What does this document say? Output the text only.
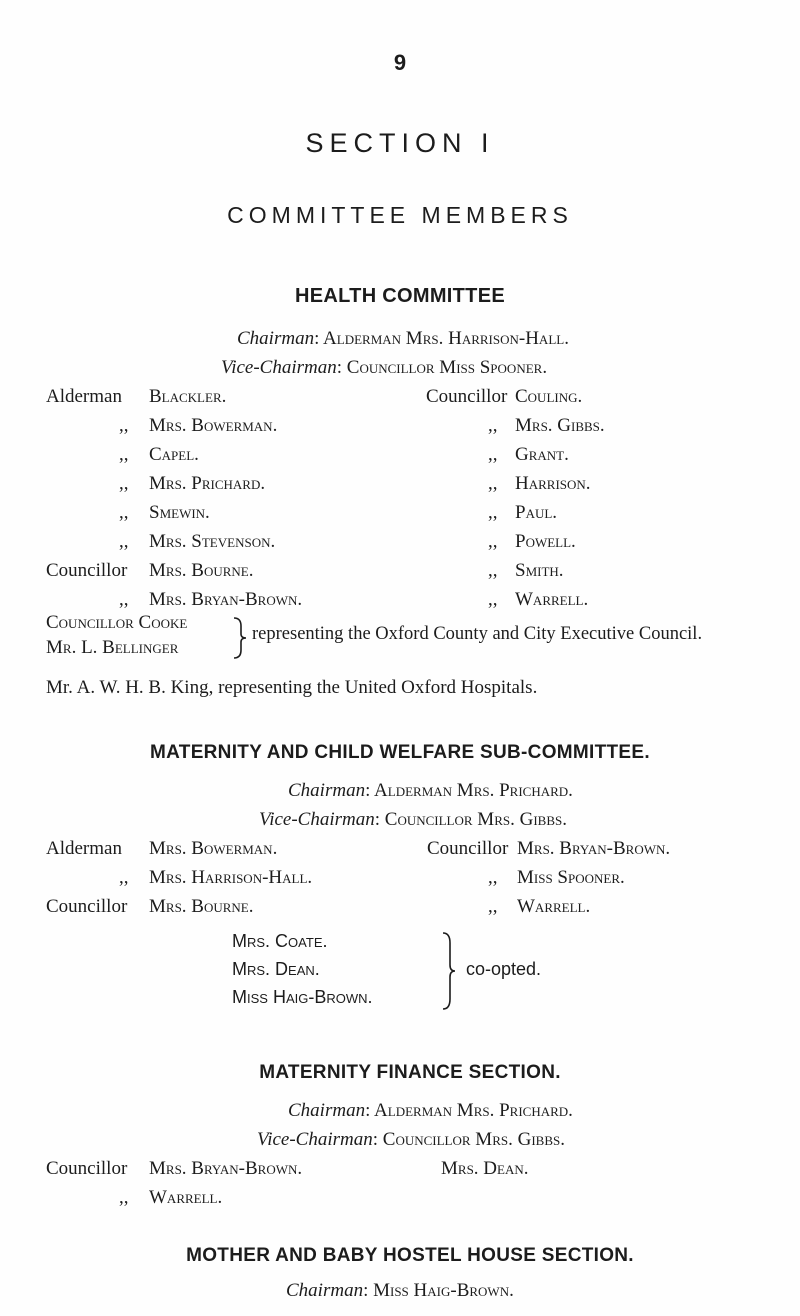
9
SECTION I
COMMITTEE MEMBERS
HEALTH COMMITTEE
Chairman: Alderman Mrs. Harrison-Hall.
Vice-Chairman: Councillor Miss Spooner.
Alderman Blackler.
,, Mrs. Bowerman.
,, Capel.
,, Mrs. Prichard.
,, Smewin.
,, Mrs. Stevenson.
Councillor Mrs. Bourne.
,, Mrs. Bryan-Brown.
Councillor Couling.
,, Mrs. Gibbs.
,, Grant.
,, Harrison.
,, Paul.
,, Powell.
,, Smith.
,, Warrell.
Councillor Cooke
Mr. L. Bellinger
representing the Oxford County and City Executive Council.
Mr. A. W. H. B. King, representing the United Oxford Hospitals.
MATERNITY AND CHILD WELFARE SUB-COMMITTEE.
Chairman: Alderman Mrs. Prichard.
Vice-Chairman: Councillor Mrs. Gibbs.
Alderman Mrs. Bowerman.
,, Mrs. Harrison-Hall.
Councillor Mrs. Bourne.
Councillor Mrs. Bryan-Brown.
,, Miss Spooner.
,, Warrell.
Mrs. Coate.
Mrs. Dean.
Miss Haig-Brown.
co-opted.
MATERNITY FINANCE SECTION.
Chairman: Alderman Mrs. Prichard.
Vice-Chairman: Councillor Mrs. Gibbs.
Councillor Mrs. Bryan-Brown.	Mrs. Dean.
,, Warrell.
MOTHER AND BABY HOSTEL HOUSE SECTION.
Chairman: Miss Haig-Brown.
